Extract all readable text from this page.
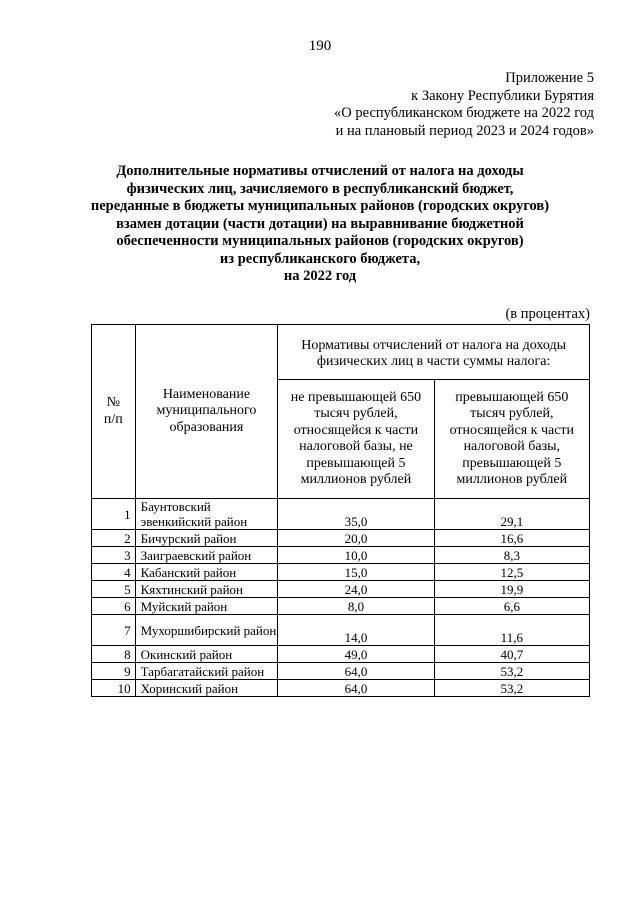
190
Приложение 5
к Закону Республики Бурятия
«О республиканском бюджете на 2022 год
и на плановый период 2023 и 2024 годов»
Дополнительные нормативы отчислений от налога на доходы
физических лиц, зачисляемого в республиканский бюджет,
переданные в бюджеты муниципальных районов (городских округов)
взамен дотации (части дотации) на выравнивание бюджетной
обеспеченности муниципальных районов (городских округов)
из республиканского бюджета,
на 2022 год
(в процентах)
№
п/п	Наименование муниципального образования	Нормативы отчислений от налога на доходы физических лиц в части суммы налога:	

		не превышающей 650 тысяч рублей, относящейся к части налоговой базы, не превышающей 5 миллионов рублей	превышающей 650 тысяч рублей, относящейся к части налоговой базы, превышающей 5 миллионов рублей

1	Баунтовский эвенкийский район	35,0	29,1
2	Бичурский район	20,0	16,6
3	Заиграевский район	10,0	8,3
4	Кабанский район	15,0	12,5
5	Кяхтинский район	24,0	19,9
6	Муйский район	8,0	6,6
7	Мухоршибирский район	14,0	11,6
8	Окинский район	49,0	40,7
9	Тарбагатайский район	64,0	53,2
10	Хоринский район	64,0	53,2
